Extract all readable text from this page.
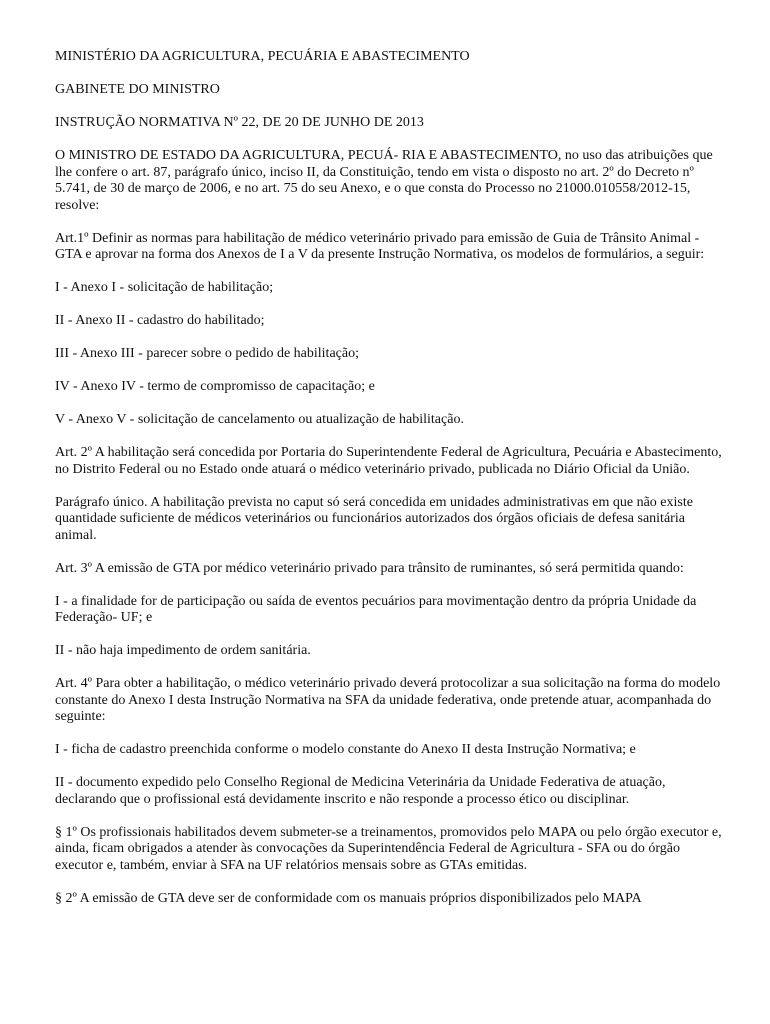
MINISTÉRIO DA AGRICULTURA, PECUÁRIA E ABASTECIMENTO

GABINETE DO MINISTRO

INSTRUÇÃO NORMATIVA Nº 22, DE 20 DE JUNHO DE 2013

O MINISTRO DE ESTADO DA AGRICULTURA, PECUÁ- RIA E ABASTECIMENTO, no uso das atribuições que lhe confere o art. 87, parágrafo único, inciso II, da Constituição, tendo em vista o disposto no art. 2º do Decreto nº 5.741, de 30 de março de 2006, e no art. 75 do seu Anexo, e o que consta do Processo no 21000.010558/2012-15, resolve:

Art.1º Definir as normas para habilitação de médico veterinário privado para emissão de Guia de Trânsito Animal - GTA e aprovar na forma dos Anexos de I a V da presente Instrução Normativa, os modelos de formulários, a seguir:

I - Anexo I - solicitação de habilitação;

II - Anexo II - cadastro do habilitado;

III - Anexo III - parecer sobre o pedido de habilitação;

IV - Anexo IV - termo de compromisso de capacitação; e

V - Anexo V - solicitação de cancelamento ou atualização de habilitação.

Art. 2º A habilitação será concedida por Portaria do Superintendente Federal de Agricultura, Pecuária e Abastecimento, no Distrito Federal ou no Estado onde atuará o médico veterinário privado, publicada no Diário Oficial da União.

Parágrafo único. A habilitação prevista no caput só será concedida em unidades administrativas em que não existe quantidade suficiente de médicos veterinários ou funcionários autorizados dos órgãos oficiais de defesa sanitária animal.

Art. 3º A emissão de GTA por médico veterinário privado para trânsito de ruminantes, só será permitida quando:

I - a finalidade for de participação ou saída de eventos pecuários para movimentação dentro da própria Unidade da Federação- UF; e

II - não haja impedimento de ordem sanitária.

Art. 4º Para obter a habilitação, o médico veterinário privado deverá protocolizar a sua solicitação na forma do modelo constante do Anexo I desta Instrução Normativa na SFA da unidade federativa, onde pretende atuar, acompanhada do seguinte:

I - ficha de cadastro preenchida conforme o modelo constante do Anexo II desta Instrução Normativa; e

II - documento expedido pelo Conselho Regional de Medicina Veterinária da Unidade Federativa de atuação, declarando que o profissional está devidamente inscrito e não responde a processo ético ou disciplinar.

§ 1º Os profissionais habilitados devem submeter-se a treinamentos, promovidos pelo MAPA ou pelo órgão executor e, ainda, ficam obrigados a atender às convocações da Superintendência Federal de Agricultura - SFA ou do órgão executor e, também, enviar à SFA na UF relatórios mensais sobre as GTAs emitidas.

§ 2º A emissão de GTA deve ser de conformidade com os manuais próprios disponibilizados pelo MAPA
